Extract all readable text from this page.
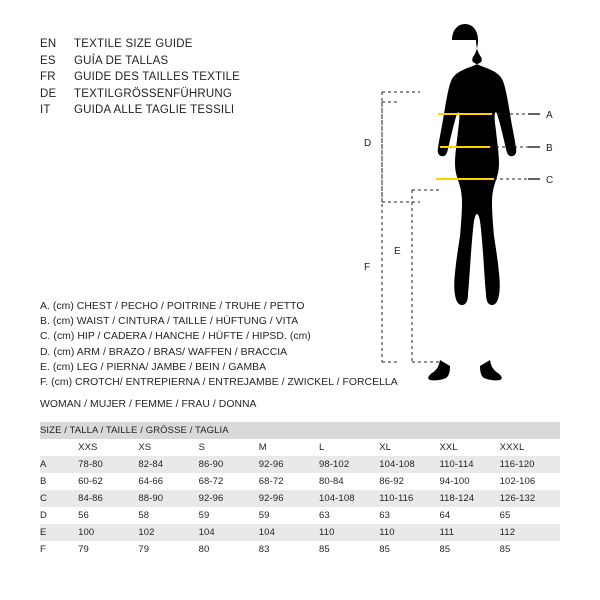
EN	TEXTILE SIZE GUIDE
ES	GUÍA DE TALLAS
FR	GUIDE DES TAILLES TEXTILE
DE	TEXTILGRÖSSENFÜHRUNG
IT	GUIDA ALLE TAGLIE TESSILI	A
B
C
D
E
F
A. (cm) CHEST / PECHO / POITRINE / TRUHE / PETTO
B. (cm) WAIST / CINTURA / TAILLE / HÜFTUNG / VITA
C. (cm) HIP / CADERA / HANCHE / HÜFTE / HIPSD. (cm)
D. (cm) ARM / BRAZO / BRAS/ WAFFEN / BRACCIA
E. (cm) LEG / PIERNA/ JAMBE / BEIN / GAMBA
F. (cm) CROTCH/ ENTREPIERNA / ENTREJAMBE / ZWICKEL / FORCELLA
WOMAN / MUJER / FEMME / FRAU / DONNA
SIZE / TALLA / TAILLE / GRÖSSE / TAGLIA								
	XXS	XS	S	M	L	XL	XXL	XXXL
A	78-80	82-84	86-90	92-96	98-102	104-108	110-114	116-120
B	60-62	64-66	68-72	68-72	80-84	86-92	94-100	102-106
C	84-86	88-90	92-96	92-96	104-108	110-116	118-124	126-132
D	56	58	59	59	63	63	64	65
E	100	102	104	104	110	110	111	112
F	79	79	80	83	85	85	85	85
